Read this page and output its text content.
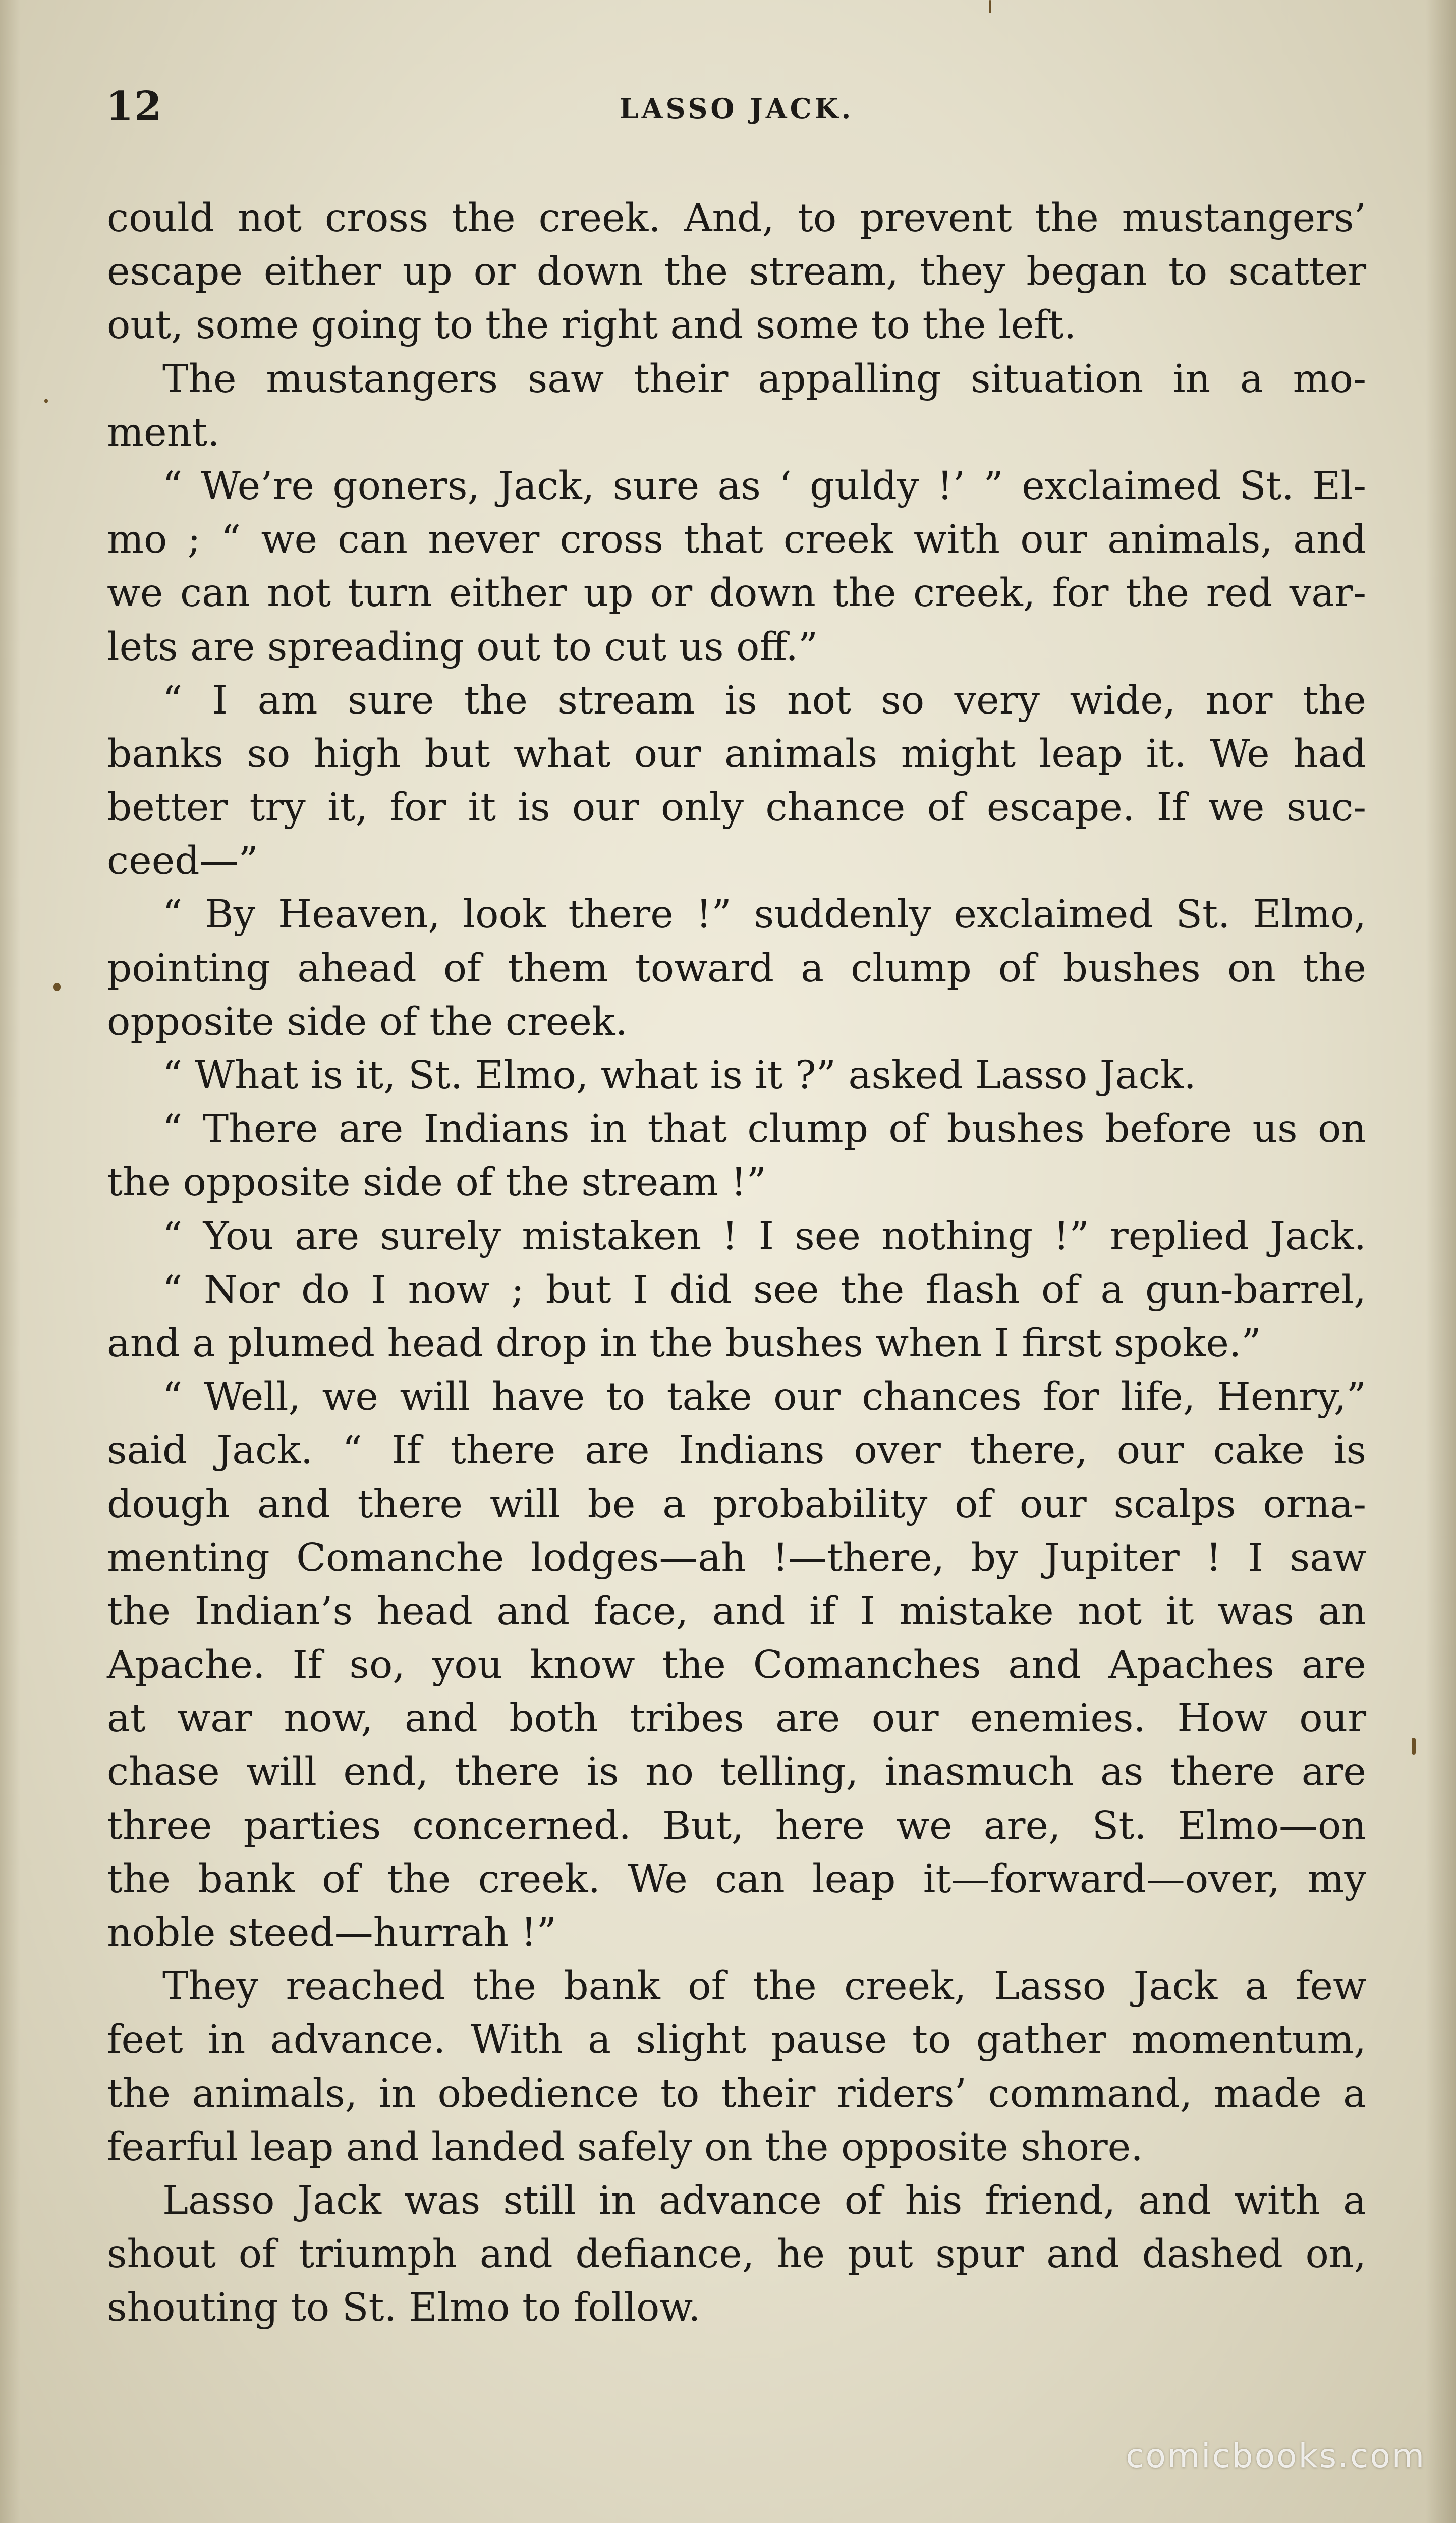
12	LASSO JACK.
could not cross the creek. And, to prevent the mustangers’
escape either up or down the stream, they began to scatter
out, some going to the right and some to the left.
The mustangers saw their appalling situation in a mo-
ment.
“ We’re goners, Jack, sure as ‘ guldy !’ ” exclaimed St. El-
mo ; “ we can never cross that creek with our animals, and
we can not turn either up or down the creek, for the red var-
lets are spreading out to cut us off.”
“ I am sure the stream is not so very wide, nor the
banks so high but what our animals might leap it. We had
better try it, for it is our only chance of escape. If we suc-
ceed—”
“ By Heaven, look there !” suddenly exclaimed St. Elmo,
pointing ahead of them toward a clump of bushes on the
opposite side of the creek.
“ What is it, St. Elmo, what is it ?” asked Lasso Jack.
“ There are Indians in that clump of bushes before us on
the opposite side of the stream !”
“ You are surely mistaken ! I see nothing !” replied Jack.
“ Nor do I now ; but I did see the flash of a gun-barrel,
and a plumed head drop in the bushes when I first spoke.”
“ Well, we will have to take our chances for life, Henry,”
said Jack. “ If there are Indians over there, our cake is
dough and there will be a probability of our scalps orna-
menting Comanche lodges—ah !—there, by Jupiter ! I saw
the Indian’s head and face, and if I mistake not it was an
Apache. If so, you know the Comanches and Apaches are
at war now, and both tribes are our enemies. How our
chase will end, there is no telling, inasmuch as there are
three parties concerned. But, here we are, St. Elmo—on
the bank of the creek. We can leap it—forward—over, my
noble steed—hurrah !”
They reached the bank of the creek, Lasso Jack a few
feet in advance. With a slight pause to gather momentum,
the animals, in obedience to their riders’ command, made a
fearful leap and landed safely on the opposite shore.
Lasso Jack was still in advance of his friend, and with a
shout of triumph and defiance, he put spur and dashed on,
shouting to St. Elmo to follow.
comicbooks.com
